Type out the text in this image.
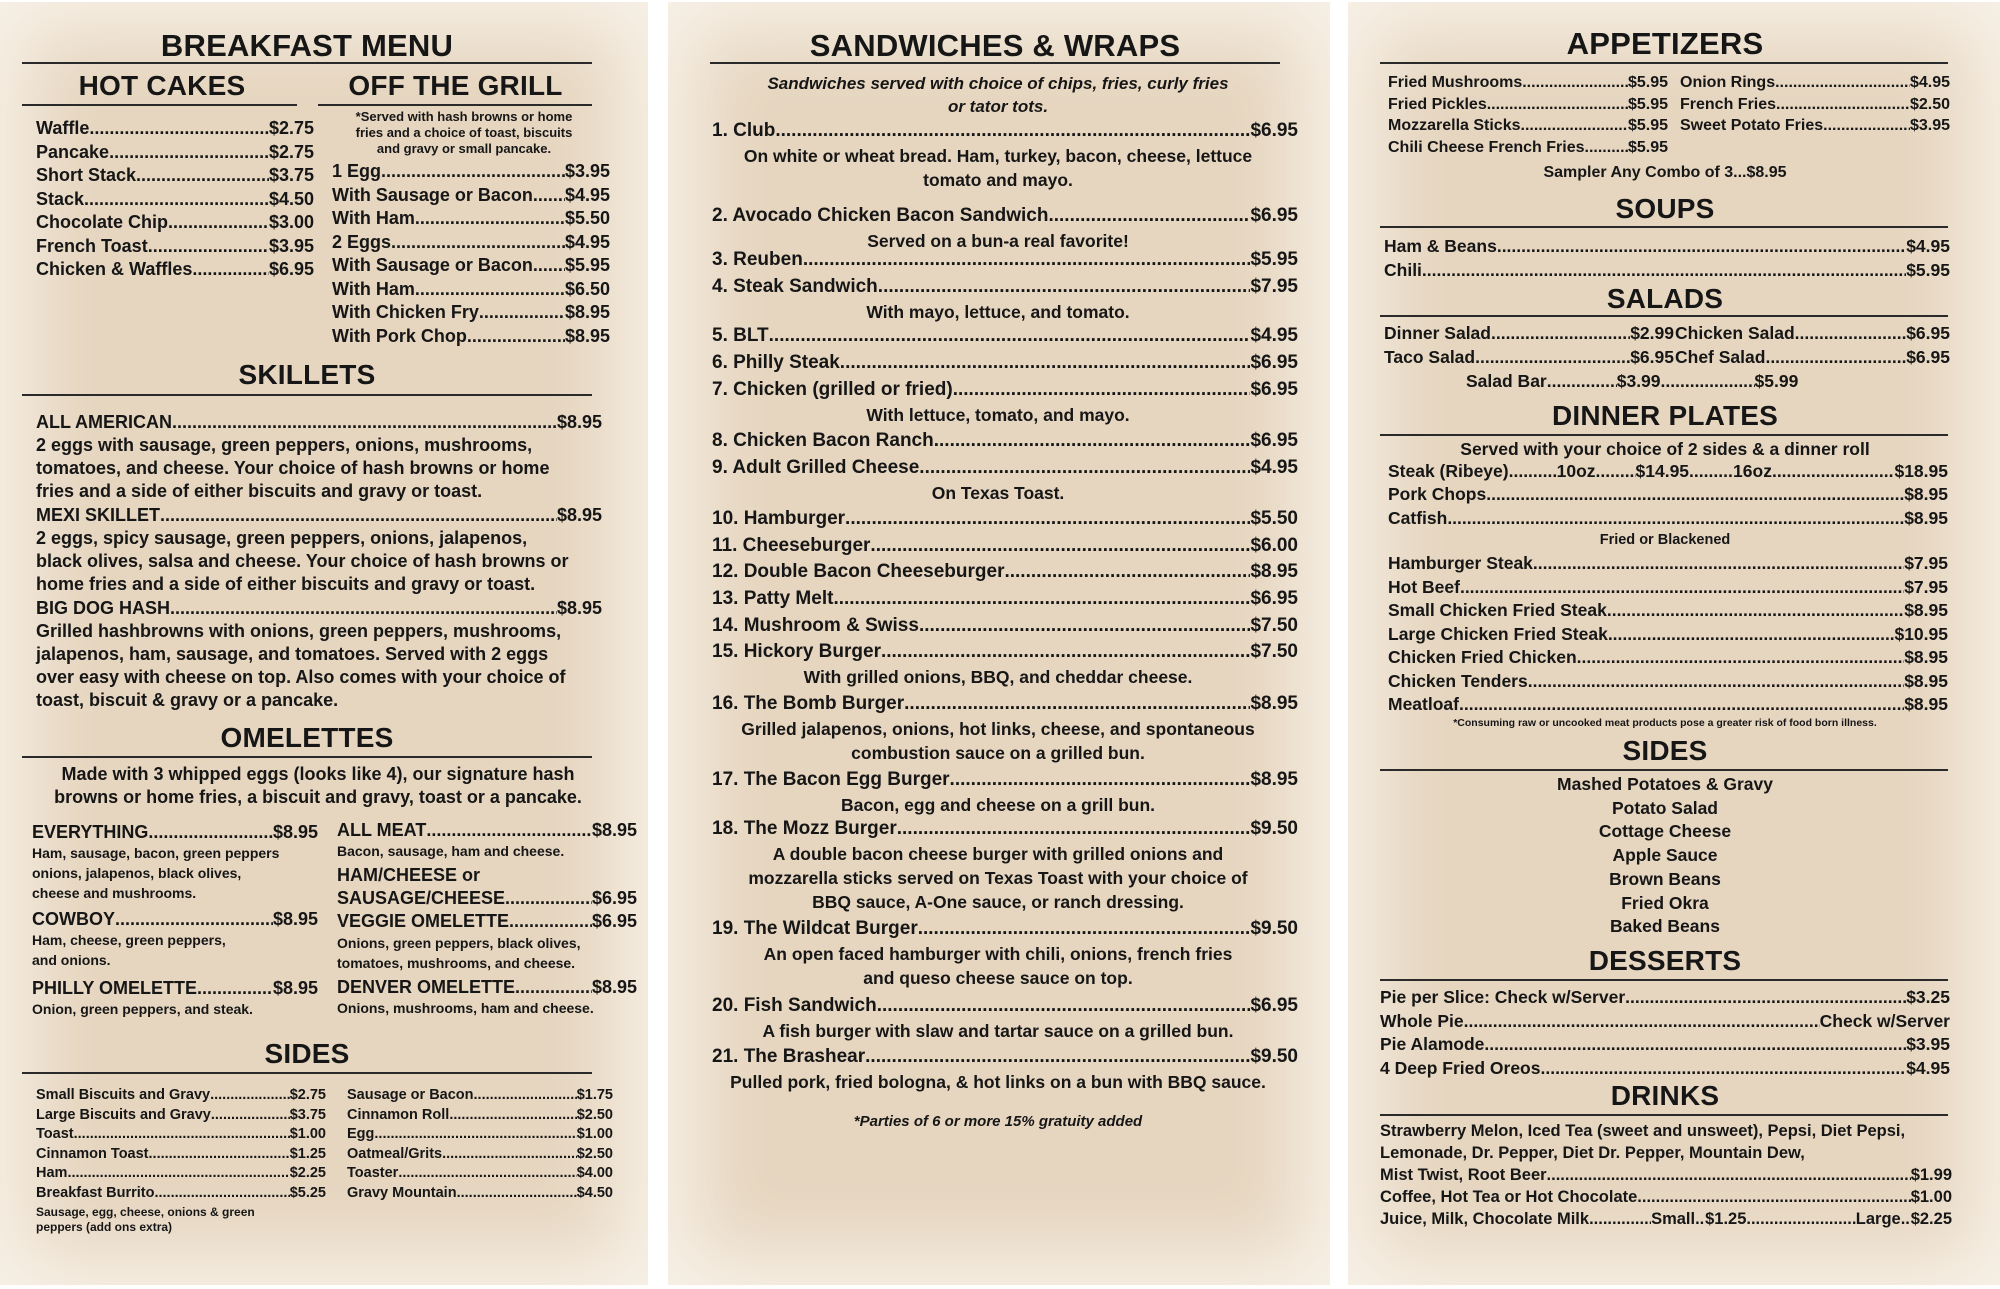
BREAKFAST MENU
HOT CAKES	OFF THE GRILL
Waffle .....	$2.75
Pancake .....	$2.75
Short Stack .....	$3.75
Stack .....	$4.50
Chocolate Chip .....	$3.00
French Toast .....	$3.95
Chicken & Waffles .....	$6.95
*Served with hash browns or home
fries and a choice of toast, biscuits
and gravy or small pancake.
1 Egg .....	$3.95
With Sausage or Bacon ..... $4.95
With Ham .....	$5.50
2 Eggs .....	$4.95
With Sausage or Bacon ..... $5.95
With Ham .....	$6.50
With Chicken Fry .....	$8.95
With Pork Chop .....	$8.95
SKILLETS
ALL AMERICAN .....	$8.95
2 eggs with sausage, green peppers, onions, mushrooms,
tomatoes, and cheese. Your choice of hash browns or home
fries and a side of either biscuits and gravy or toast.
MEXI SKILLET .....	$8.95
2 eggs, spicy sausage, green peppers, onions, jalapenos,
black olives, salsa and cheese. Your choice of hash browns or
home fries and a side of either biscuits and gravy or toast.
BIG DOG HASH .....	$8.95
Grilled hashbrowns with onions, green peppers, mushrooms,
jalapenos, ham, sausage, and tomatoes. Served with 2 eggs
over easy with cheese on top. Also comes with your choice of
toast, biscuit & gravy or a pancake.
OMELETTES
Made with 3 whipped eggs (looks like 4), our signature hash
browns or home fries, a biscuit and gravy, toast or a pancake.
EVERYTHING .....	$8.95
Ham, sausage, bacon, green peppers
onions, jalapenos, black olives,
cheese and mushrooms.
COWBOY .....	$8.95
Ham, cheese, green peppers,
and onions.
PHILLY OMELETTE .....	$8.95
Onion, green peppers, and steak.
ALL MEAT .....	$8.95
Bacon, sausage, ham and cheese.
HAM/CHEESE or
SAUSAGE/CHEESE .....	$6.95
VEGGIE OMELETTE .....	$6.95
Onions, green peppers, black olives,
tomatoes, mushrooms, and cheese.
DENVER OMELETTE .....	$8.95
Onions, mushrooms, ham and cheese.
SIDES
Small Biscuits and Gravy .....	$2.75
Large Biscuits and Gravy .....	$3.75
Toast .....	$1.00
Cinnamon Toast .....	$1.25
Ham .....	$2.25
Breakfast Burrito .....	$5.25
Sausage, egg, cheese, onions & green
peppers (add ons extra)
Sausage or Bacon .....	$1.75
Cinnamon Roll .....	$2.50
Egg .....	$1.00
Oatmeal/Grits .....	$2.50
Toaster .....	$4.00
Gravy Mountain .....	$4.50
SANDWICHES & WRAPS
Sandwiches served with choice of chips, fries, curly fries
or tator tots.
1. Club .....	$6.95
On white or wheat bread. Ham, turkey, bacon, cheese, lettuce
tomato and mayo.
2. Avocado Chicken Bacon Sandwich .....	$6.95
Served on a bun-a real favorite!
3. Reuben .....	$5.95
4. Steak Sandwich .....	$7.95
With mayo, lettuce, and tomato.
5. BLT .....	$4.95
6. Philly Steak .....	$6.95
7. Chicken (grilled or fried) .....	$6.95
With lettuce, tomato, and mayo.
8. Chicken Bacon Ranch .....	$6.95
9. Adult Grilled Cheese .....	$4.95
On Texas Toast.
10. Hamburger .....	$5.50
11. Cheeseburger .....	$6.00
12. Double Bacon Cheeseburger .....	$8.95
13. Patty Melt .....	$6.95
14. Mushroom & Swiss .....	$7.50
15. Hickory Burger .....	$7.50
With grilled onions, BBQ, and cheddar cheese.
16. The Bomb Burger .....	$8.95
Grilled jalapenos, onions, hot links, cheese, and spontaneous
combustion sauce on a grilled bun.
17. The Bacon Egg Burger .....	$8.95
Bacon, egg and cheese on a grill bun.
18. The Mozz Burger .....	$9.50
A double bacon cheese burger with grilled onions and
mozzarella sticks served on Texas Toast with your choice of
BBQ sauce, A-One sauce, or ranch dressing.
19. The Wildcat Burger .....	$9.50
An open faced hamburger with chili, onions, french fries
and queso cheese sauce on top.
20. Fish Sandwich .....	$6.95
A fish burger with slaw and tartar sauce on a grilled bun.
21. The Brashear .....	$9.50
Pulled pork, fried bologna, & hot links on a bun with BBQ sauce.
*Parties of 6 or more 15% gratuity added
APPETIZERS
Fried Mushrooms .....	$5.95
Fried Pickles .....	$5.95
Mozzarella Sticks .....	$5.95
Chili Cheese French Fries .....	$5.95
Onion Rings .....	$4.95
French Fries .....	$2.50
Sweet Potato Fries .....	$3.95
Sampler Any Combo of 3...$8.95
SOUPS
Ham & Beans .....	$4.95
Chili .....	$5.95
SALADS
Dinner Salad .....	$2.99 Chicken Salad .....	$6.95
Taco Salad .....	$6.95 Chef Salad .....	$6.95
Salad Bar .....	$3.99 .....	$5.99
DINNER PLATES
Served with your choice of 2 sides & a dinner roll
Steak (Ribeye) .....	10oz ..... $14.95 .....	16oz .....	$18.95
Pork Chops .....	$8.95
Catfish .....	$8.95
Fried or Blackened
Hamburger Steak .....	$7.95
Hot Beef .....	$7.95
Small Chicken Fried Steak .....	$8.95
Large Chicken Fried Steak .....	$10.95
Chicken Fried Chicken .....	$8.95
Chicken Tenders .....	$8.95
Meatloaf .....	$8.95
*Consuming raw or uncooked meat products pose a greater risk of food born illness.
SIDES
Mashed Potatoes & Gravy
Potato Salad
Cottage Cheese
Apple Sauce
Brown Beans
Fried Okra
Baked Beans
DESSERTS
Pie per Slice: Check w/Server .....	$3.25
Whole Pie .....	Check w/Server
Pie Alamode .....	$3.95
4 Deep Fried Oreos .....	$4.95
DRINKS
Strawberry Melon, Iced Tea (sweet and unsweet), Pepsi, Diet Pepsi,
Lemonade, Dr. Pepper, Diet Dr. Pepper, Mountain Dew,
Mist Twist, Root Beer .....	$1.99
Coffee, Hot Tea or Hot Chocolate .....	$1.00
Juice, Milk, Chocolate Milk .....	Small ..... $1.25 .....	Large ..... $2.25
